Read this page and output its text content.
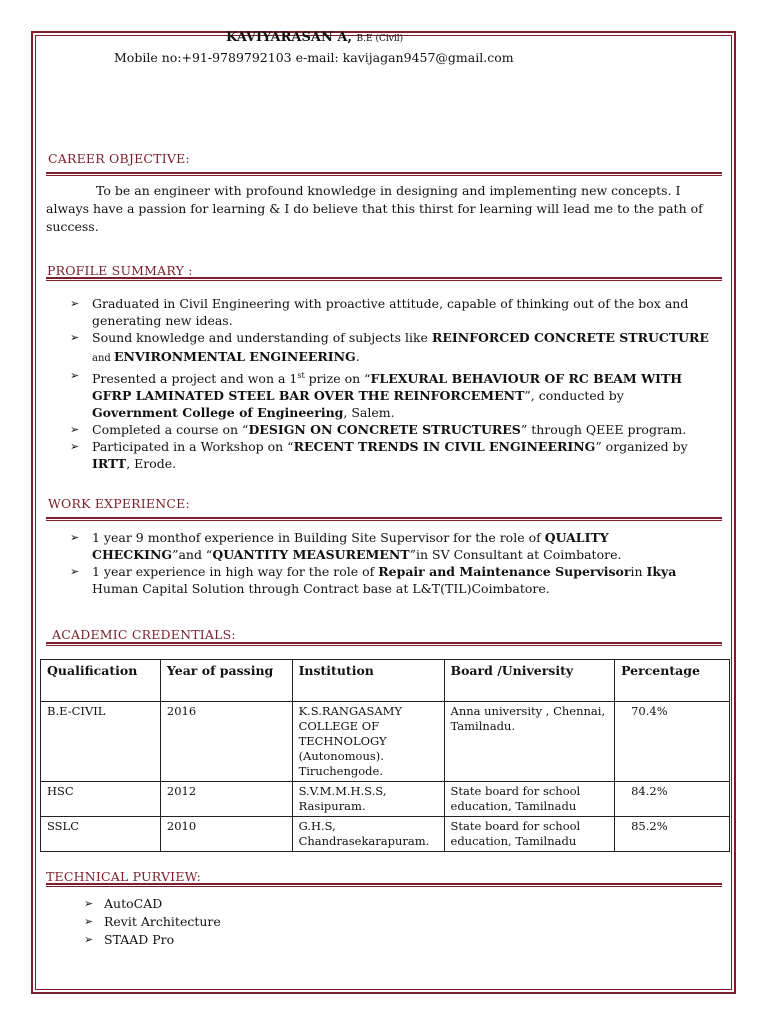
KAVIYARASAN A, B.E (Civil)
Mobile no:+91-9789792103 e-mail: kavijagan9457@gmail.com
CAREER OBJECTIVE:
To be an engineer with profound knowledge in designing and implementing new concepts. I always have a passion for learning & I do believe that this thirst for learning will lead me to the path of success.
PROFILE SUMMARY :
➢ Graduated in Civil Engineering with proactive attitude, capable of thinking out of the box and generating new ideas.
➢ Sound knowledge and understanding of subjects like REINFORCED CONCRETE STRUCTURE and ENVIRONMENTAL ENGINEERING.
➢ Presented a project and won a 1st prize on “FLEXURAL BEHAVIOUR OF RC BEAM WITH GFRP LAMINATED STEEL BAR OVER THE REINFORCEMENT”, conducted by Government College of Engineering, Salem.
➢ Completed a course on “DESIGN ON CONCRETE STRUCTURES” through QEEE program.
➢ Participated in a Workshop on “RECENT TRENDS IN CIVIL ENGINEERING” organized by IRTT, Erode.
WORK EXPERIENCE:
➢ 1 year 9 monthof experience in Building Site Supervisor for the role of QUALITY CHECKING”and “QUANTITY MEASUREMENT”in SV Consultant at Coimbatore.
➢ 1 year experience in high way for the role of Repair and Maintenance Supervisorin Ikya Human Capital Solution through Contract base at L&T(TIL)Coimbatore.
ACADEMIC CREDENTIALS:
Qualification	Year of passing	Institution	Board /University	Percentage
B.E-CIVIL	2016	K.S.RANGASAMY COLLEGE OF TECHNOLOGY (Autonomous). Tiruchengode.	Anna university , Chennai, Tamilnadu.	70.4%
HSC	2012	S.V.M.M.H.S.S, Rasipuram.	State board for school education, Tamilnadu	84.2%
SSLC	2010	G.H.S, Chandrasekarapuram.	State board for school education, Tamilnadu	85.2%
TECHNICAL PURVIEW:
➢ AutoCAD
➢ Revit Architecture
➢ STAAD Pro
